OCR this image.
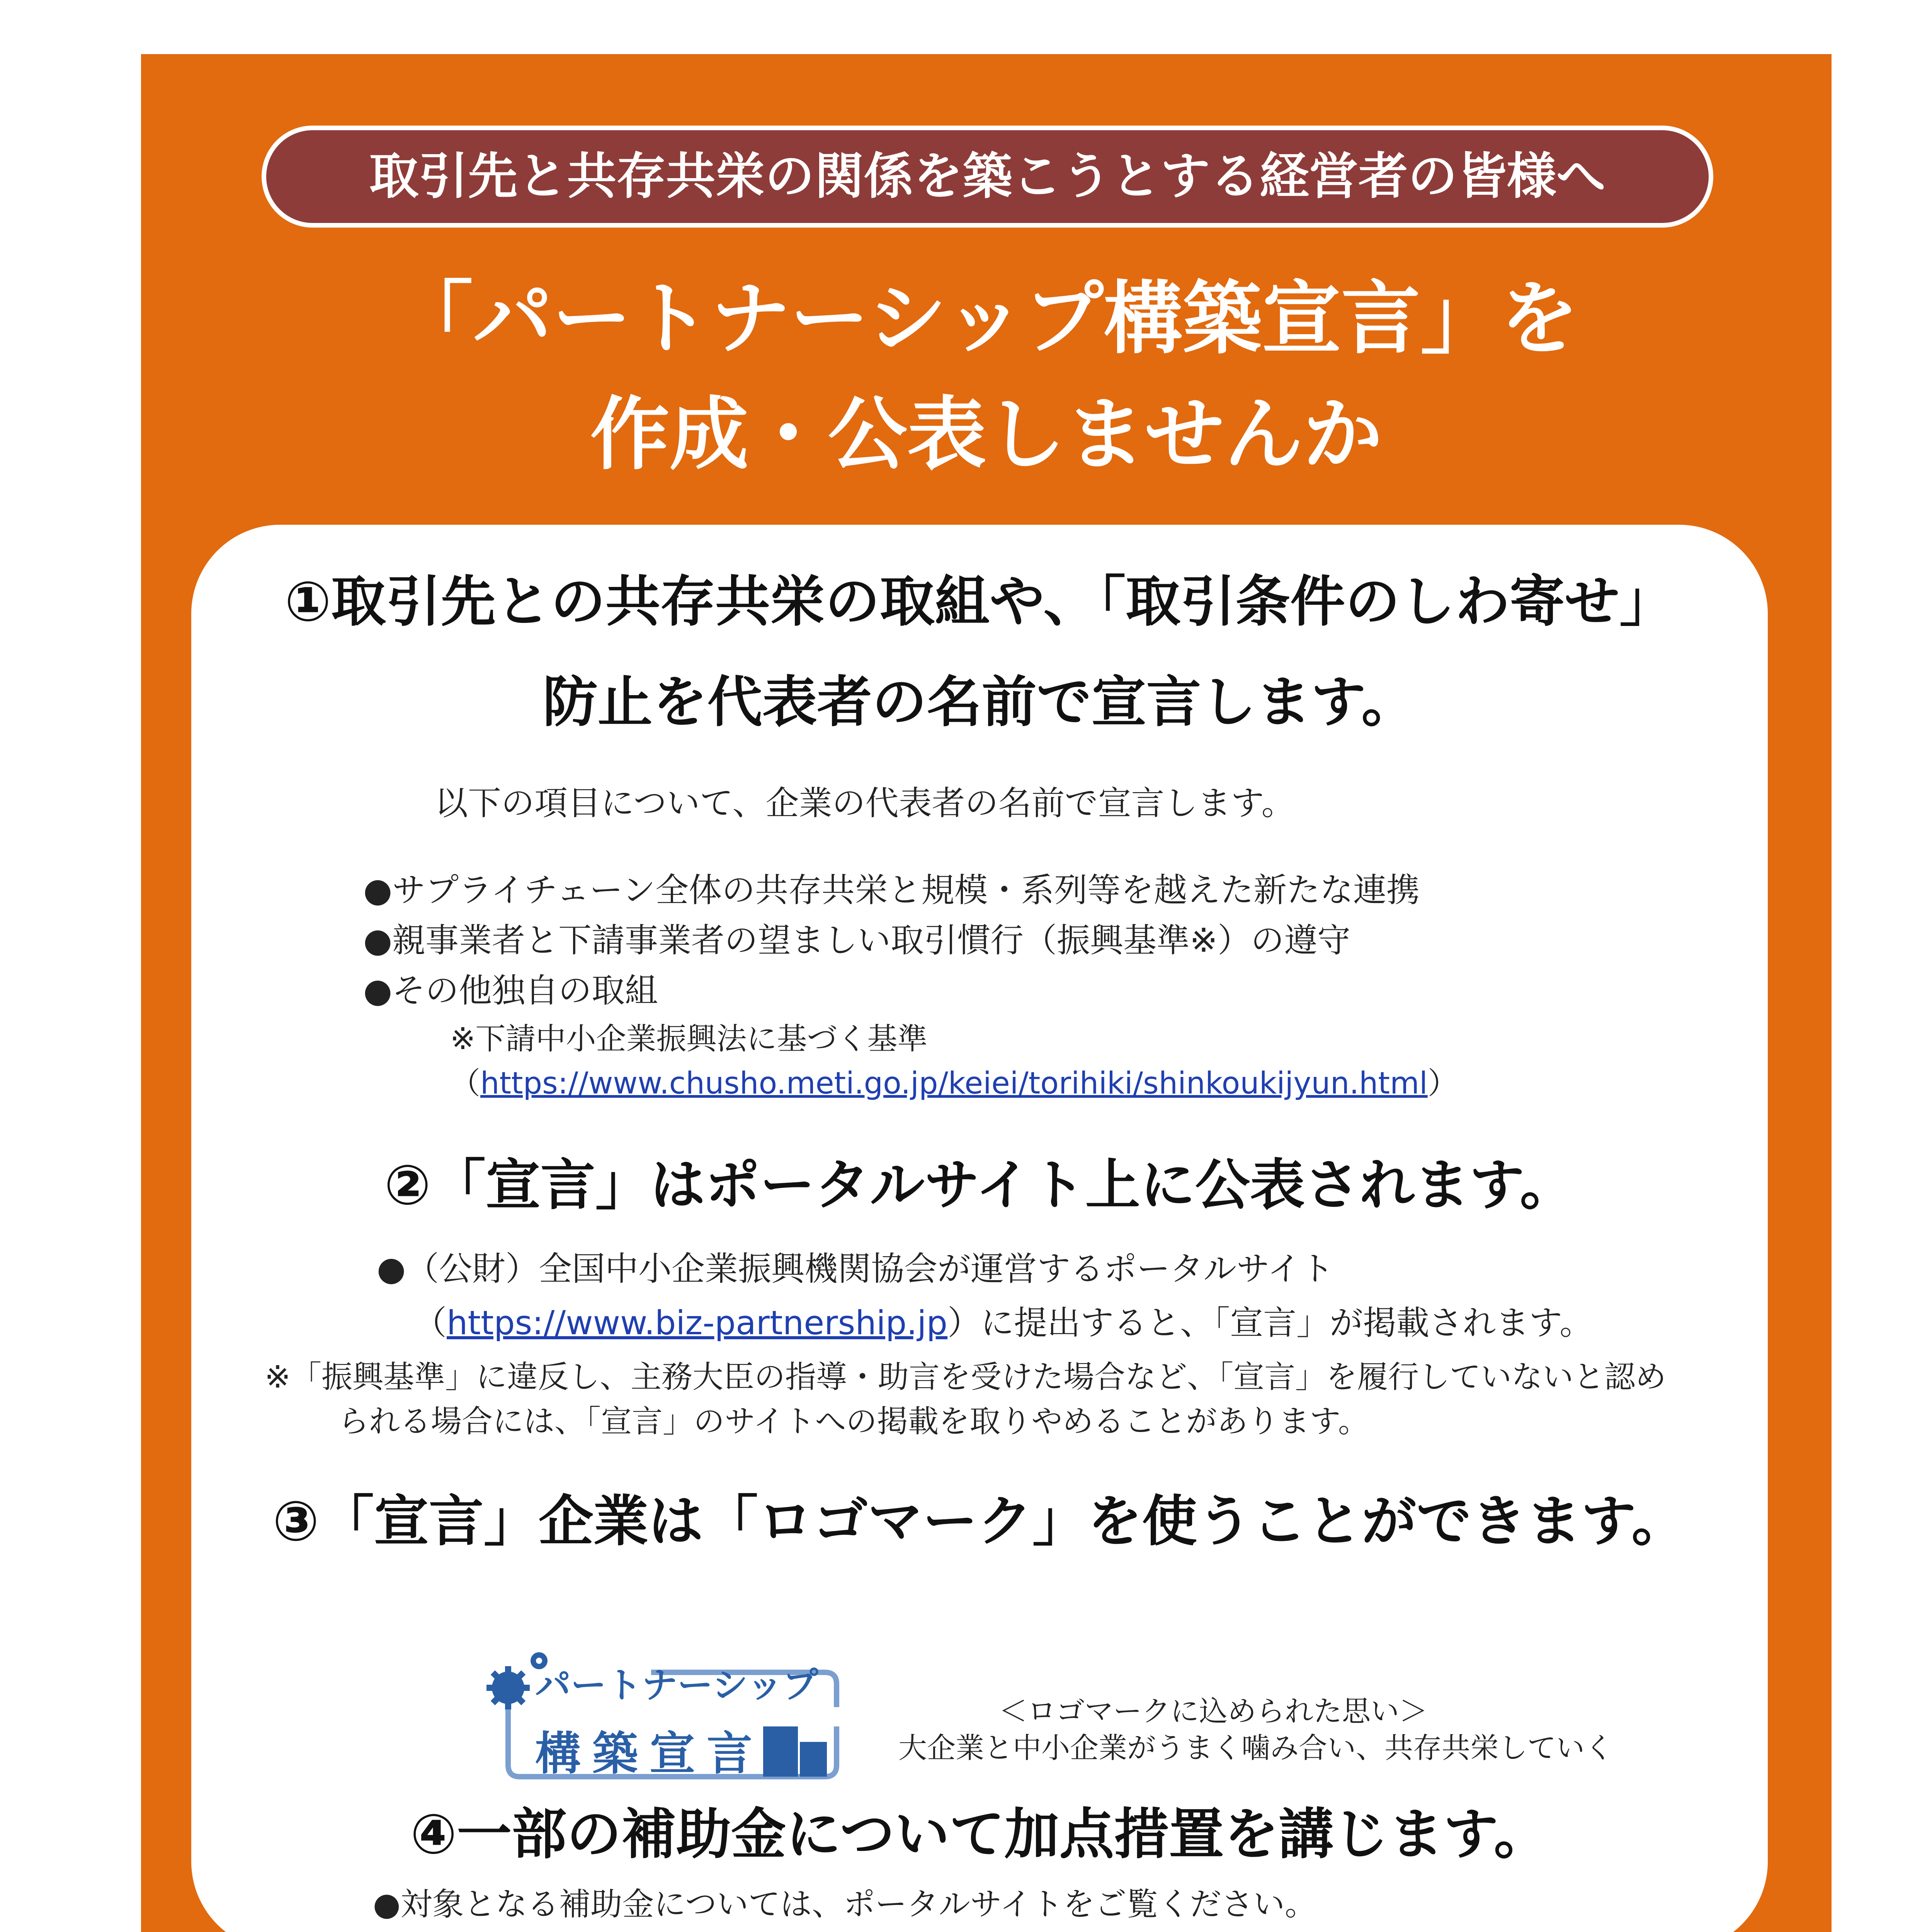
取引先と共存共栄の関係を築こうとする経営者の皆様へ
「パートナーシップ構築宣言」を
作成・公表しませんか
①取引先との共存共栄の取組や、「取引条件のしわ寄せ」
防止を代表者の名前で宣言します。
以下の項目について、企業の代表者の名前で宣言します。
●サプライチェーン全体の共存共栄と規模・系列等を越えた新たな連携
●親事業者と下請事業者の望ましい取引慣行（振興基準※）の遵守
●その他独自の取組
※下請中小企業振興法に基づく基準
（https://www.chusho.meti.go.jp/keiei/torihiki/shinkoukijyun.html）
②「宣言」はポータルサイト上に公表されます。
●（公財）全国中小企業振興機関協会が運営するポータルサイト
（https://www.biz-partnership.jp）に提出すると、「宣言」が掲載されます。
※「振興基準」に違反し、主務大臣の指導・助言を受けた場合など、「宣言」を履行していないと認め
られる場合には、「宣言」のサイトへの掲載を取りやめることがあります。
③「宣言」企業は「ロゴマーク」を使うことができます。
パートナーシップ
構築宣言
＜ロゴマークに込められた思い＞
大企業と中小企業がうまく噛み合い、共存共栄していく
④一部の補助金について加点措置を講じます。
●対象となる補助金については、ポータルサイトをご覧ください。
